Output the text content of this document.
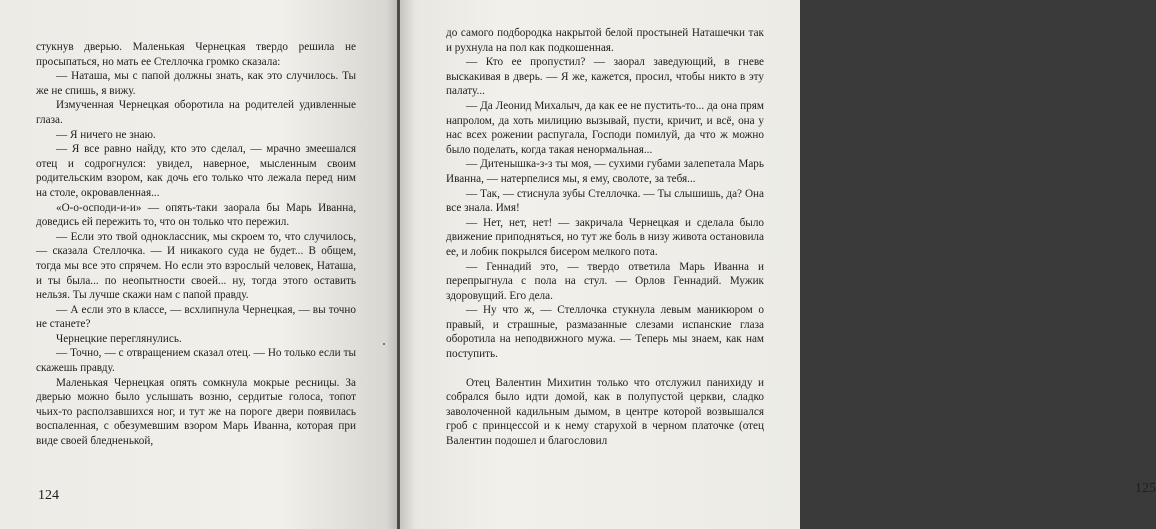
стукнув дверью. Маленькая Чернецкая твердо решила не просыпаться, но мать ее Стеллочка громко сказала:

— Наташа, мы с папой должны знать, как это случилось. Ты же не спишь, я вижу.

Измученная Чернецкая оборотила на родителей удивленные глаза.

— Я ничего не знаю.

— Я все равно найду, кто это сделал, — мрачно змеешался отец и содрогнулся: увидел, наверное, мысленным своим родительским взором, как дочь его только что лежала перед ним на столе, окровавленная...

«О-о-осподи-и-и» — опять-таки заорала бы Марь Иванна, доведись ей пережить то, что он только что пережил.

— Если это твой одноклассник, мы скроем то, что случилось, — сказала Стеллочка. — И никакого суда не будет... В общем, тогда мы все это спрячем. Но если это взрослый человек, Наташа, и ты была... по неопытности своей... ну, тогда этого оставить нельзя. Ты лучше скажи нам с папой правду.

— А если это в классе, — всхлипнула Чернецкая, — вы точно не станете?

Чернецкие переглянулись.

— Точно, — с отвращением сказал отец. — Но только если ты скажешь правду.

Маленькая Чернецкая опять сомкнула мокрые ресницы. За дверью можно было услышать возню, сердитые голоса, топот чьих-то расползавшихся ног, и тут же на пороге двери появилась воспаленная, с обезумевшим взором Марь Иванна, которая при виде своей бледненькой,

124

до самого подбородка накрытой белой простыней Наташечки так и рухнула на пол как подкошенная.

— Кто ее пропустил? — заорал заведующий, в гневе выскакивая в дверь. — Я же, кажется, просил, чтобы никто в эту палату...

— Да Леонид Михалыч, да как ее не пустить-то... да она прям напролом, да хоть милицию вызывай, пусти, кричит, и всё, она у нас всех рожении распугала, Господи помилуй, да что ж можно было поделать, когда такая ненормальная...

— Дитенышка-з-з ты моя, — сухими губами залепетала Марь Иванна, — натерпелися мы, я ему, сволоте, за тебя...

— Так, — стиснула зубы Стеллочка. — Ты слышишь, да? Она все знала. Имя!

— Нет, нет, нет! — закричала Чернецкая и сделала было движение приподняться, но тут же боль в низу живота остановила ее, и лобик покрылся бисером мелкого пота.

— Геннадий это, — твердо ответила Марь Иванна и перепрыгнула с пола на стул. — Орлов Геннадий. Мужик здоровущий. Его дела.

— Ну что ж, — Стеллочка стукнула левым маникюром о правый, и страшные, размазанные слезами испанские глаза оборотила на неподвижного мужа. — Теперь мы знаем, как нам поступить.

Отец Валентин Михитин только что отслужил панихиду и собрался было идти домой, как в полупустой церкви, сладко заволоченной кадильным дымом, в центре которой возвышался гроб с принцессой и к нему старухой в черном платочке (отец Валентин подошел и благословил

125
